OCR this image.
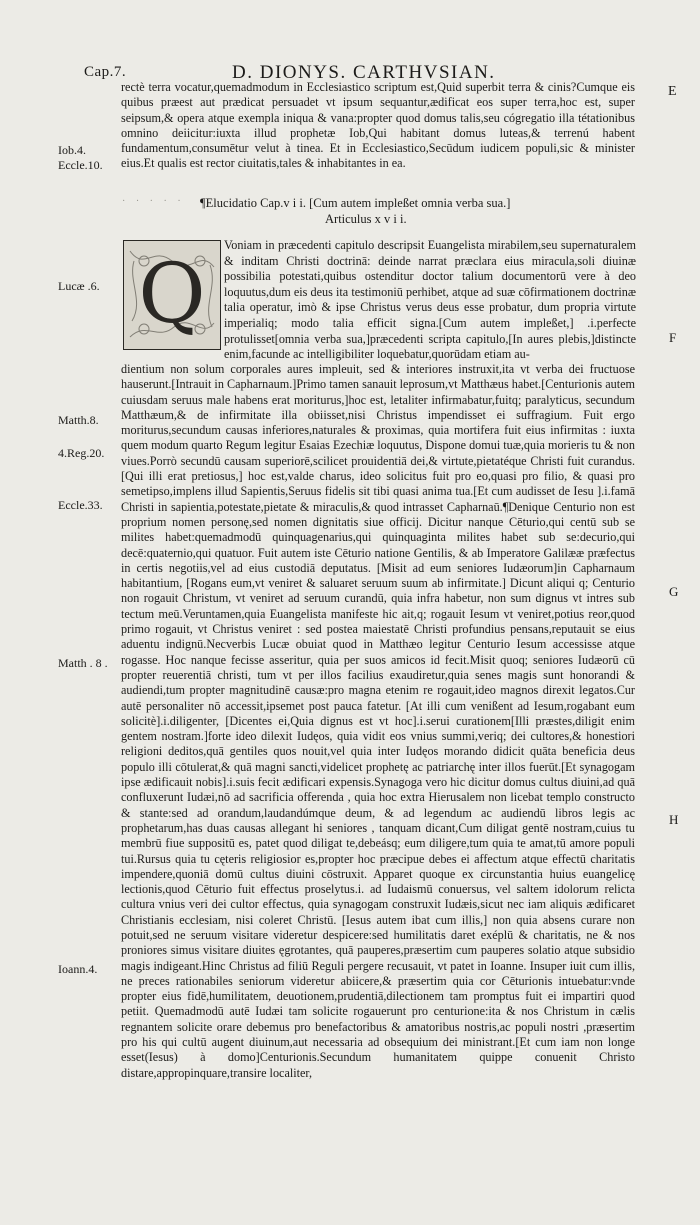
Cap.7.	D. DIONYS. CARTHVSIAN.
E

rectè terra vocatur,quemadmodum in Ecclesiastico scriptum est,Quid superbit terra & cinis?Cumque eis quibus præest aut prædicat persuadet vt ipsum sequantur,ædificat eos super terra,hoc est, super seipsum,& opera atque exempla iniqua & vana:propter quod domus talis,seu cógregatio illa tétationibus omnino deiicitur:iuxta illud prophetæ Iob,Qui habitant domus luteas,& terrenú habent fundamentum,consumētur velut à tinea. Et in Ecclesiastico,Secūdum iudicem populi,sic & minister eius.Et qualis est rector ciuitatis,tales & inhabitantes in ea.

Iob.4.
Eccle.10.
· · · · · ¶Elucidatio Cap.v i i. [Cum autem impleßet omnia verba sua.]
Articulus x v i i.
Q

Voniam in præcedenti capitulo descripsit Euangelista mirabilem,seu supernaturalem & inditam Christi doctrinā: deinde narrat præclara eius miracula,soli diuinæ possibilia potestati,quibus ostenditur doctor talium documentorū vere à deo loquutus,dum eis deus ita testimoniū perhibet, atque ad suæ cōfirmationem doctrinæ talia operatur, imò & ipse Christus verus deus esse probatur, dum propria virtute imperialiq; modo talia efficit signa.[Cum autem impleßet,] .i.perfecte protulisset[omnia verba sua,]præcedenti scripta capitulo,[In aures plebis,]distincte enim,facunde ac intelligibiliter loquebatur,quorūdam etiam au-

Lucæ .6.
F

dientium non solum corporales aures impleuit, sed & interiores instruxit,ita vt verba dei fructuose hauserunt.[Intrauit in Capharnaum.]Primo tamen sanauit leprosum,vt Matthæus habet.[Centurionis autem cuiusdam seruus male habens erat moriturus,]hoc est, letaliter infirmabatur,fuitq; paralyticus, secundum Matthæum,& de infirmitate illa obiisset,nisi Christus impendisset ei suffragium. Fuit ergo moriturus,secundum causas inferiores,naturales & proximas, quia mortifera fuit eius infirmitas : iuxta quem modum quarto Regum legitur Esaias Ezechiæ loquutus, Dispone domui tuæ,quia morieris tu & non viues.Porrò secundū causam superiorē,scilicet prouidentiā dei,& virtute,pietatéque Christi fuit curandus.[Qui illi erat pretiosus,] hoc est,valde charus, ideo solicitus fuit pro eo,quasi pro filio, & quasi pro semetipso,implens illud Sapientis,Seruus fidelis sit tibi quasi anima tua.[Et cum audisset de Iesu ].i.famā Christi in sapientia,potestate,pietate & miraculis,& quod intrasset Capharnaū.¶Denique Centurio non est proprium nomen personę,sed nomen dignitatis siue officij. Dicitur nanque Cēturio,qui centū sub se milites habet:quemadmodū quinquagenarius,qui quinquaginta milites habet sub se:decurio,qui decē:quaternio,qui quatuor. Fuit autem iste Cēturio natione Gentilis, & ab Imperatore Galilææ præfectus in certis negotiis,vel ad eius custodiā deputatus. [Misit ad eum seniores Iudæorum]in Capharnaum habitantium, [Rogans eum,vt veniret & saluaret seruum suum ab infirmitate.] Dicunt aliqui q; Centurio non rogauit Christum, vt veniret ad seruum curandū, quia infra habetur, non sum dignus vt intres sub tectum meū.Veruntamen,quia Euangelista manifeste hic ait,q; rogauit Iesum vt veniret,potius reor,quod primo rogauit, vt Christus veniret : sed postea maiestatē Christi profundius pensans,reputauit se eius aduentu indignū.Necverbis Lucæ obuiat quod in Matthæo legitur Centurio Iesum accessisse atque rogasse. Hoc nanque fecisse asseritur, quia per suos amicos id fecit.Misit quoq; seniores Iudæorū cū propter reuerentiā christi, tum vt per illos facilius exaudiretur,quia senes magis sunt honorandi & audiendi,tum propter magnitudinē causæ:pro magna etenim re rogauit,ideo magnos direxit legatos.Cur autē personaliter nō accessit,ipsemet post pauca fatetur. [At illi cum venißent ad Iesum,rogabant eum solicitè].i.diligenter, [Dicentes ei,Quia dignus est vt hoc].i.serui curationem[Illi præstes,diligit enim gentem nostram.]forte ideo dilexit Iudęos, quia vidit eos vnius summi,veriq; dei cultores,& honestiori religioni deditos,quā gentiles quos nouit,vel quia inter Iudęos morando didicit quāta beneficia deus populo illi cōtulerat,& quā magni sancti,videlicet prophetę ac patriarchę inter illos fuerūt.[Et synagogam ipse ædificauit nobis].i.suis fecit ædificari expensis.Synagoga vero hic dicitur domus cultus diuini,ad quā confluxerunt Iudæi,nō ad sacrificia offerenda , quia hoc extra Hierusalem non licebat templo constructo & stante:sed ad orandum,laudandúmque deum, & ad legendum ac audiendū libros legis ac prophetarum,has duas causas allegant hi seniores , tanquam dicant,Cum diligat gentē nostram,cuius tu membrū fiue suppositū es, patet quod diligat te,debeásq; eum diligere,tum quia te amat,tū amore populi tui.Rursus quia tu cęteris religiosior es,propter hoc præcipue debes ei affectum atque effectū charitatis impendere,quoniā domū cultus diuini cōstruxit. Apparet quoque ex circunstantia huius euangelicę lectionis,quod Cēturio fuit effectus proselytus.i. ad Iudaismū conuersus, vel saltem idolorum relicta cultura vnius veri dei cultor effectus, quia synagogam construxit Iudæis,sicut nec iam aliquis ædificaret Christianis ecclesiam, nisi coleret Christū. [Iesus autem ibat cum illis,] non quia absens curare non potuit,sed ne seruum visitare videretur despicere:sed humilitatis daret exéplū & charitatis, ne & nos proniores simus visitare diuites ęgrotantes, quā pauperes,præsertim cum pauperes solatio atque subsidio magis indigeant.Hinc Christus ad filiū Reguli pergere recusauit, vt patet in Ioanne. Insuper iuit cum illis, ne preces rationabiles seniorum videretur abiicere,& præsertim quia cor Cēturionis intuebatur:vnde propter eius fidē,humilitatem, deuotionem,prudentiā,dilectionem tam promptus fuit ei impartiri quod petiit. Quemadmodū autē Iudæi tam solicite rogauerunt pro centurione:ita & nos Christum in cælis regnantem solicite orare debemus pro benefactoribus & amatoribus nostris,ac populi nostri ,præsertim pro his qui cultū augent diuinum,aut necessaria ad obsequium dei ministrant.[Et cum iam non longe esset(Iesus) à domo]Centurionis.Secundum humanitatem quippe conuenit Christo distare,appropinquare,transire localiter,

Matth.8.
4.Reg.20.
Eccle.33.
G
Matth . 8 .
H
Ioann.4.
